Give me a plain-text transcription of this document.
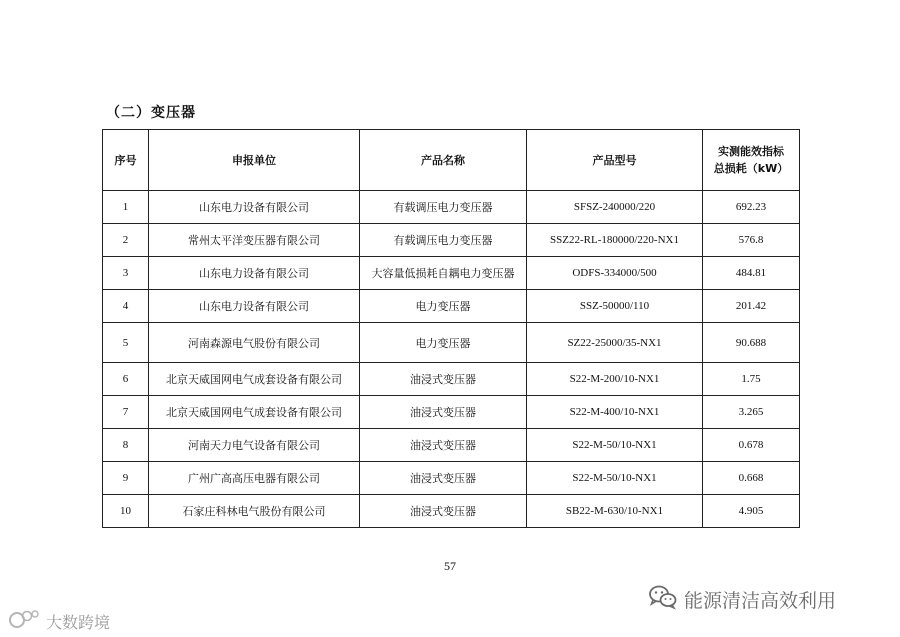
（二）变压器
序号	申报单位	产品名称	产品型号	实测能效指标
总损耗（kW）

1	山东电力设备有限公司	有载调压电力变压器	SFSZ-240000/220	692.23
2	常州太平洋变压器有限公司	有载调压电力变压器	SSZ22-RL-180000/220-NX1	576.8
3	山东电力设备有限公司	大容量低损耗自耦电力变压器	ODFS-334000/500	484.81
4	山东电力设备有限公司	电力变压器	SSZ-50000/110	201.42
5	河南森源电气股份有限公司	电力变压器	SZ22-25000/35-NX1	90.688
6	北京天威国网电气成套设备有限公司	油浸式变压器	S22-M-200/10-NX1	1.75
7	北京天威国网电气成套设备有限公司	油浸式变压器	S22-M-400/10-NX1	3.265
8	河南天力电气设备有限公司	油浸式变压器	S22-M-50/10-NX1	0.678
9	广州广高高压电器有限公司	油浸式变压器	S22-M-50/10-NX1	0.668
10	石家庄科林电气股份有限公司	油浸式变压器	SB22-M-630/10-NX1	4.905
57
能源清洁高效利用
大数跨境
